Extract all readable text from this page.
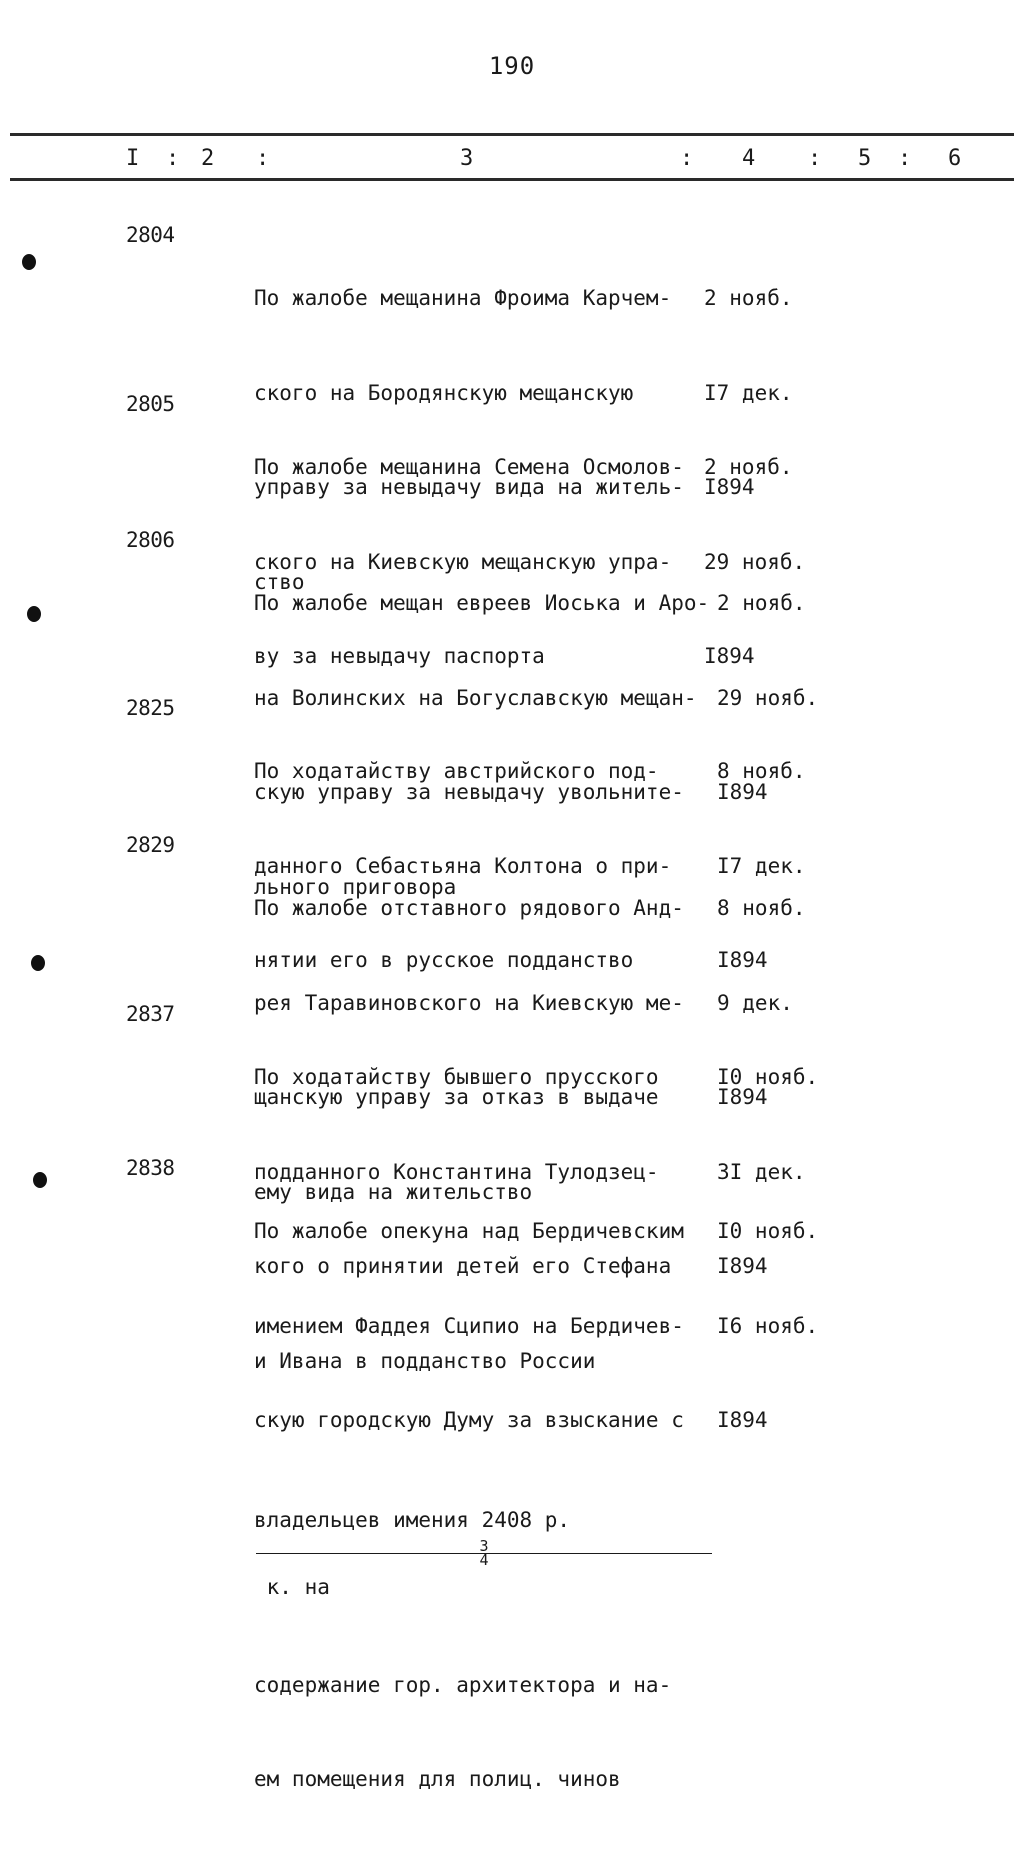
190
I : 2 :	3	: 4 : 5 : 6
2804

По жалобе мещанина Фроима Карчем-

ского на Бородянскую мещанскую

управу за невыдачу вида на житель-

ство

2 нояб.

I7 дек.

I894

2805

По жалобе мещанина Семена Осмолов-

ского на Киевскую мещанскую упра-

ву за невыдачу паспорта

2 нояб.

29 нояб.

I894

2806

По жалобе мещан евреев Иоська и Аро-

на Волинских на Богуславскую мещан-

скую управу за невыдачу увольните-

льного приговора

2 нояб.

29 нояб.

I894

2825

По ходатайству австрийского под-

данного Себастьяна Колтона о при-

нятии его в русское подданство

8 нояб.

I7 дек.

I894

2829

По жалобе отставного рядового Анд-

рея Таравиновского на Киевскую ме-

щанскую управу за отказ в выдаче

ему вида на жительство

8 нояб.

9 дек.

I894

2837

По ходатайству бывшего прусского

подданного Константина Тулодзец-

кого о принятии детей его Стефана

и Ивана в подданство России

I0 нояб.

3I дек.

I894

2838

По жалобе опекуна над Бердичевским

имением Фаддея Сципио на Бердичев-

скую городскую Думу за взыскание с

владельцев имения 2408 р.
3
4
к. на

содержание гор. архитектора и на-

ем помещения для полиц. чинов

I0 нояб.

I6 нояб.

I894
